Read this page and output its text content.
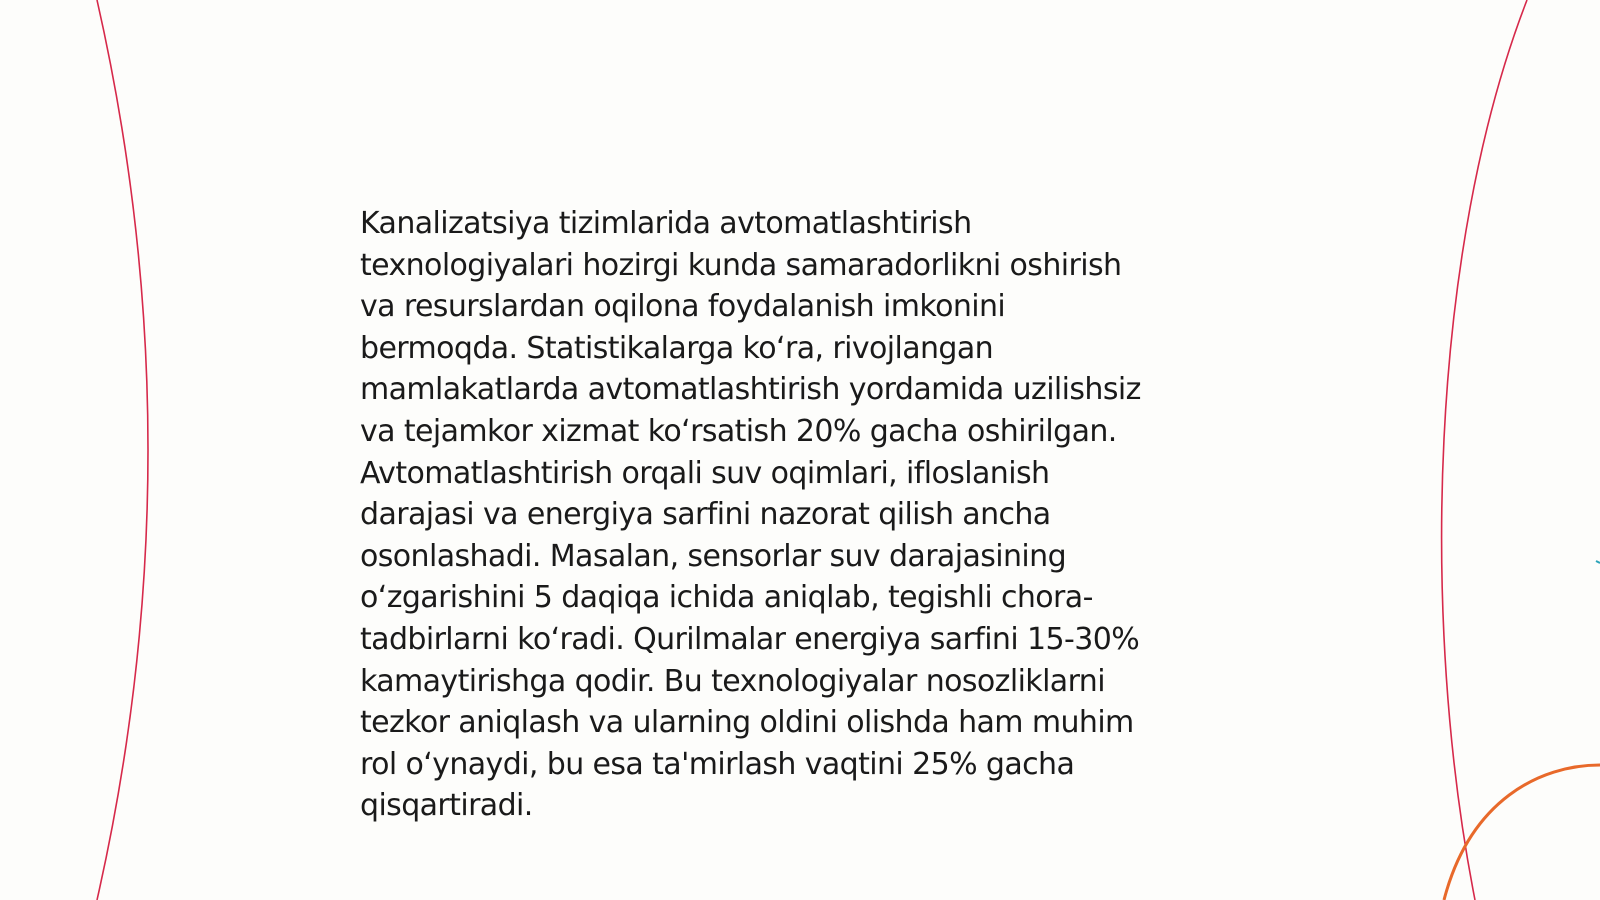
Kanalizatsiya tizimlarida avtomatlashtirish
texnologiyalari hozirgi kunda samaradorlikni oshirish
va resurslardan oqilona foydalanish imkonini
bermoqda. Statistikalarga koʻra, rivojlangan
mamlakatlarda avtomatlashtirish yordamida uzilishsiz
va tejamkor xizmat koʻrsatish 20% gacha oshirilgan.
Avtomatlashtirish orqali suv oqimlari, ifloslanish
darajasi va energiya sarfini nazorat qilish ancha
osonlashadi. Masalan, sensorlar suv darajasining
oʻzgarishini 5 daqiqa ichida aniqlab, tegishli chora-
tadbirlarni koʻradi. Qurilmalar energiya sarfini 15-30%
kamaytirishga qodir. Bu texnologiyalar nosozliklarni
tezkor aniqlash va ularning oldini olishda ham muhim
rol oʻynaydi, bu esa ta'mirlash vaqtini 25% gacha
qisqartiradi.
